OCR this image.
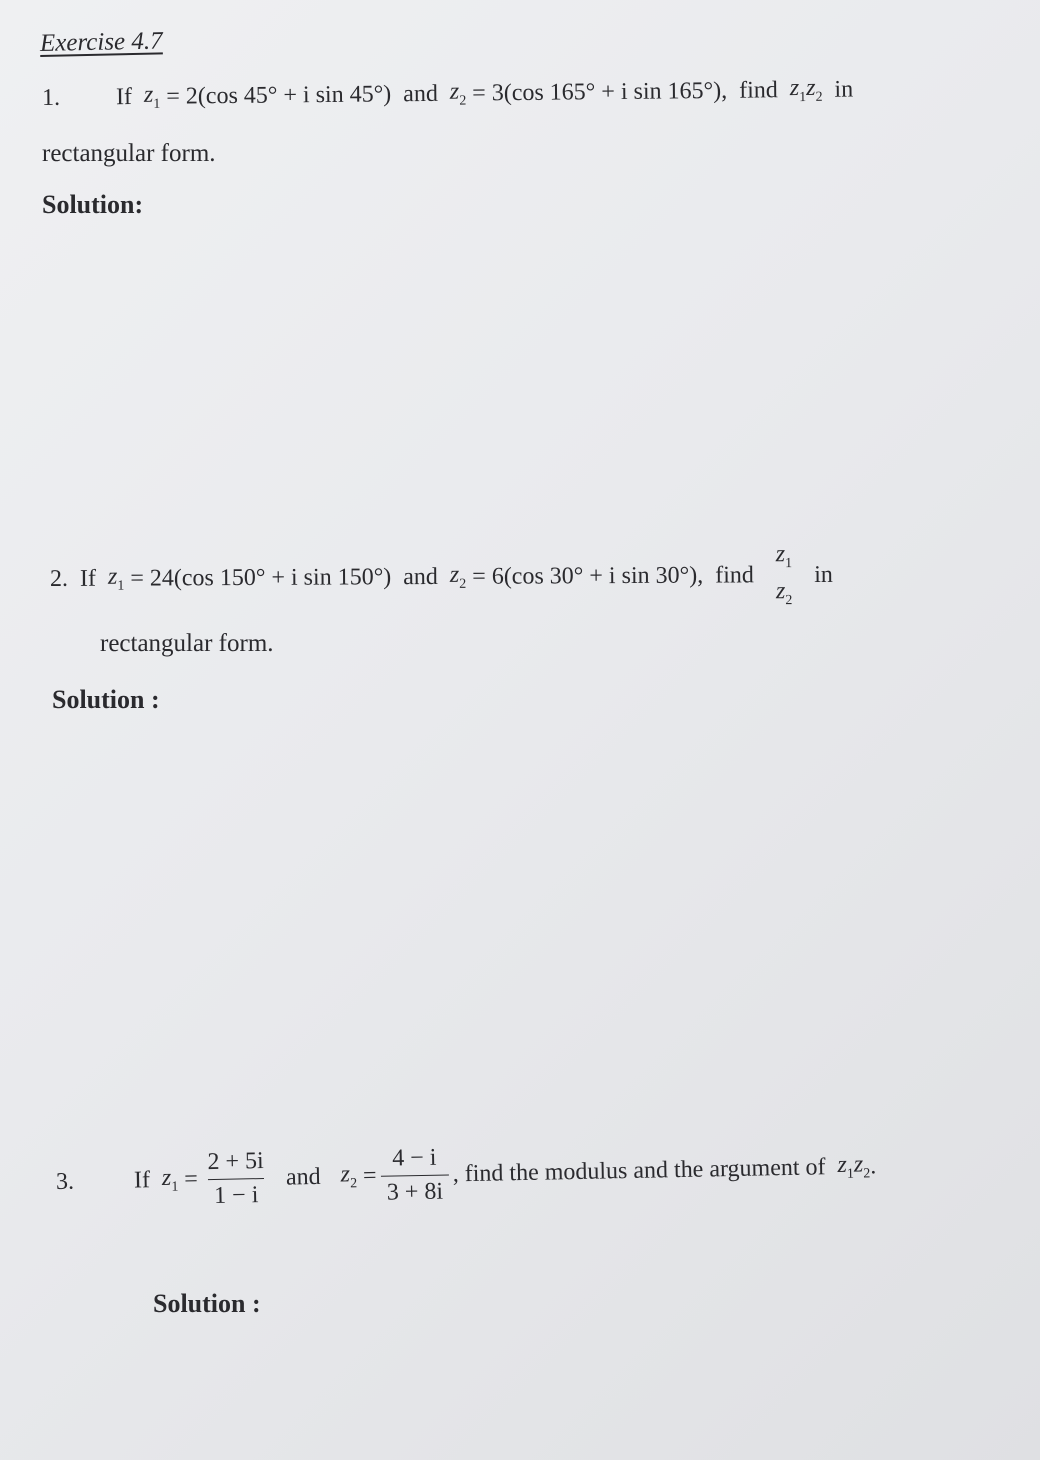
Exercise 4.7
1. If $z_1 = 2(\cos$ 45° + i sin 45°) and $z_2 = 3(\cos$ 165° + i sin 165°), find $z_1z_2$ in
rectangular form.
Solution:
2. If $z_1 = 24(\cos$ 150° + i sin 150°) and $z_2 = 6(\cos$ 30° + i sin 30°), find
$z_1$
$z_2$
in
rectangular form.
Solution :
3. If $z_1 = \frac{2 + 5i}{1 - i}$ and $z_2 = \frac{4 - i}{3 + 8i}$ , find the modulus and the argument of $z_1z_2$ .
Solution :
